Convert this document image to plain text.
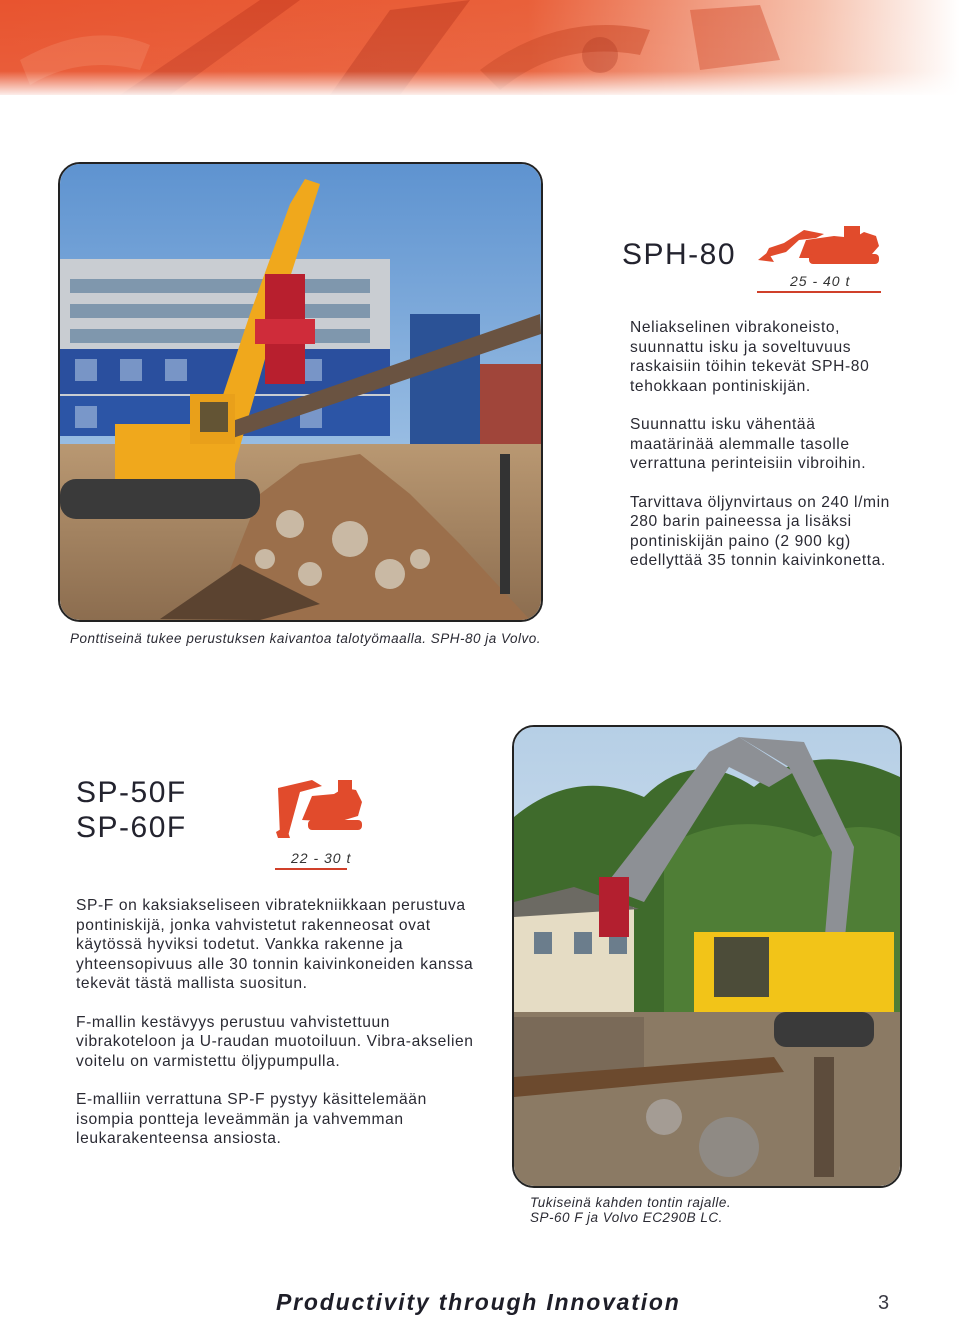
SPH-80
25 - 40 t

Neliakselinen vibrakoneisto, suunnattu isku ja soveltuvuus raskaisiin töihin tekevät SPH-80 tehokkaan pontiniskijän.

Suunnattu isku vähentää maatärinää alemmalle tasolle verrattuna perinteisiin vibroihin.

Tarvittava öljynvirtaus on 240 l/min 280 barin paineessa ja lisäksi pontiniskijän paino (2 900 kg) edellyttää 35 tonnin kaivinkonetta.

Ponttiseinä tukee perustuksen kaivantoa talotyömaalla. SPH-80 ja Volvo.
SP-50F
SP-60F
22 - 30 t

SP-F on kaksiakseliseen vibratekniikkaan perustuva pontiniskijä, jonka vahvistetut rakenneosat ovat käytössä hyviksi todetut. Vankka rakenne ja yhteensopivuus alle 30 tonnin kaivinkoneiden kanssa tekevät tästä mallista suositun.

F-mallin kestävyys perustuu vahvistettuun vibrakoteloon ja U-raudan muotoiluun. Vibra-akselien voitelu on varmistettu öljypumpulla.

E-malliin verrattuna SP-F pystyy käsittelemään isompia pontteja leveämmän ja vahvemman leukarakenteensa ansiosta.

Tukiseinä kahden tontin rajalle.
SP-60 F ja Volvo EC290B LC.
Productivity through Innovation	3
